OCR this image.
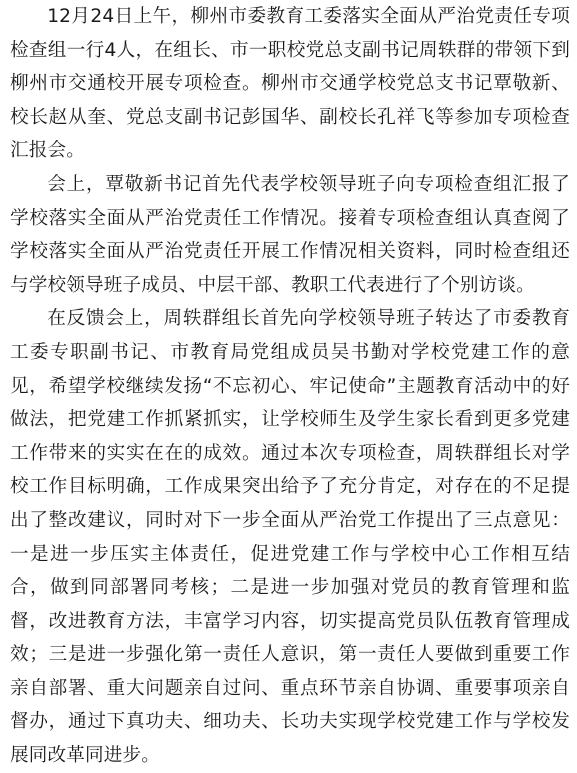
12月24日上午，柳州市委教育工委落实全面从严治党责任专项检查组一行4人，在组长、市一职校党总支副书记周轶群的带领下到柳州市交通校开展专项检查。柳州市交通学校党总支书记覃敬新、校长赵从奎、党总支副书记彭国华、副校长孔祥飞等参加专项检查汇报会。

会上，覃敬新书记首先代表学校领导班子向专项检查组汇报了学校落实全面从严治党责任工作情况。接着专项检查组认真查阅了学校落实全面从严治党责任开展工作情况相关资料，同时检查组还与学校领导班子成员、中层干部、教职工代表进行了个别访谈。

在反馈会上，周轶群组长首先向学校领导班子转达了市委教育工委专职副书记、市教育局党组成员吴书勤对学校党建工作的意见，希望学校继续发扬“不忘初心、牢记使命”主题教育活动中的好做法，把党建工作抓紧抓实，让学校师生及学生家长看到更多党建工作带来的实实在在的成效。通过本次专项检查，周轶群组长对学校工作目标明确，工作成果突出给予了充分肯定，对存在的不足提出了整改建议，同时对下一步全面从严治党工作提出了三点意见：一是进一步压实主体责任，促进党建工作与学校中心工作相互结合，做到同部署同考核；二是进一步加强对党员的教育管理和监督，改进教育方法，丰富学习内容，切实提高党员队伍教育管理成效；三是进一步强化第一责任人意识，第一责任人要做到重要工作亲自部署、重大问题亲自过问、重点环节亲自协调、重要事项亲自督办，通过下真功夫、细功夫、长功夫实现学校党建工作与学校发展同改革同进步。
